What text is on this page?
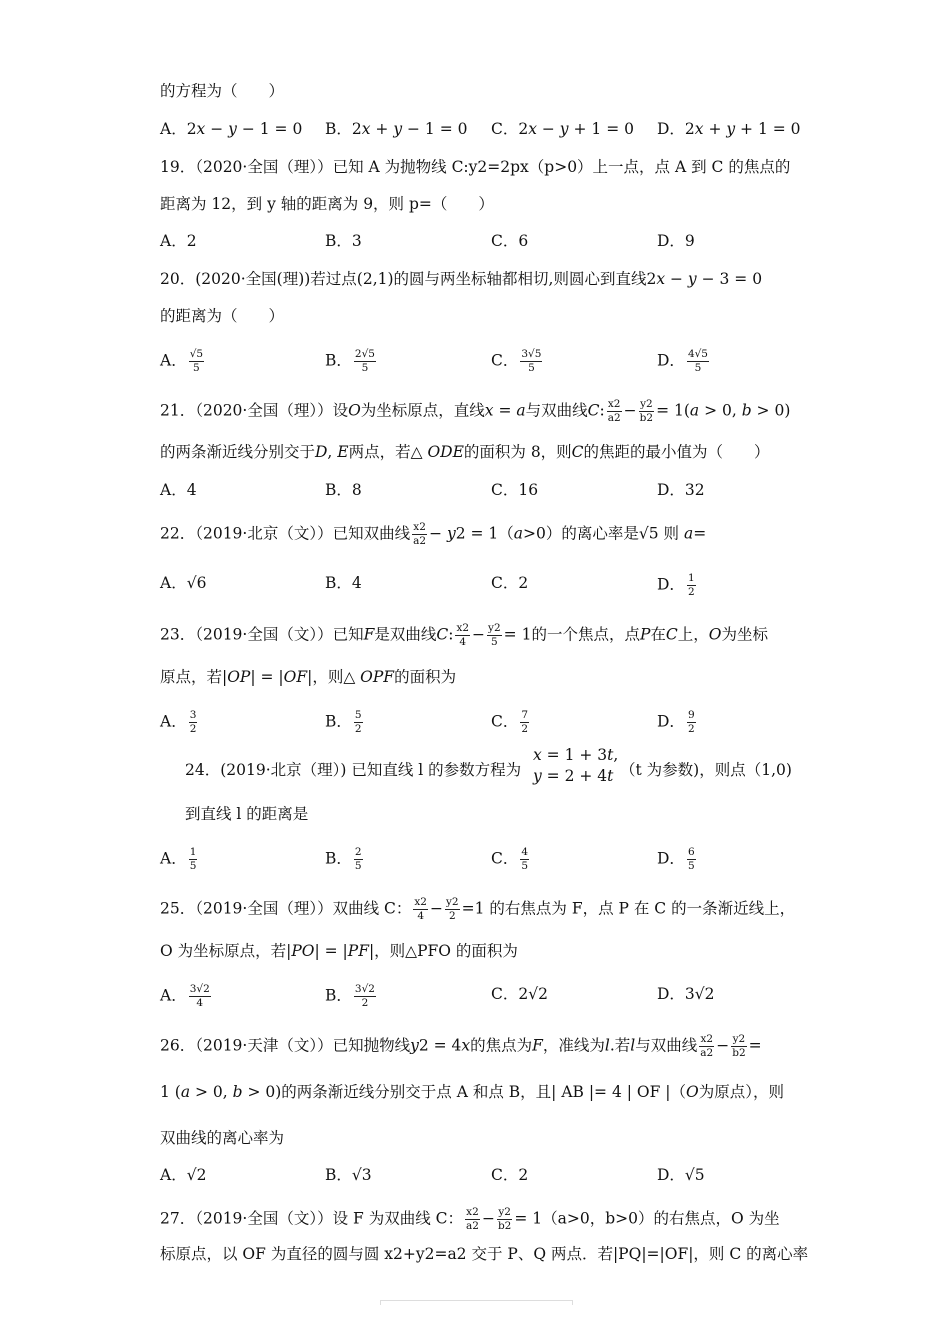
的方程为（　　）
A．2𝑥 − 𝑦 − 1 = 0 B．2𝑥 + 𝑦 − 1 = 0 C．2𝑥 − 𝑦 + 1 = 0 D．2𝑥 + 𝑦 + 1 = 0
19．（2020·全国（理））已知 A 为抛物线 C:y2=2px（p>0）上一点，点 A 到 C 的焦点的
距离为 12，到 y 轴的距离为 9，则 p=（　　）
A．2	B．3	C．6	D．9
20．(2020·全国(理))若过点(2,1)的圆与两坐标轴都相切,则圆心到直线2𝑥 − 𝑦 − 3 = 0
的距离为（　　）
A． $\frac{√5}{5}$	B． $\frac{2√5}{5}$	C． $\frac{3√5}{5}$	D． $\frac{4√5}{5}$
21．（2020·全国（理））设𝑂为坐标原点，直线𝑥 = 𝑎与双曲线𝐶: $\frac{x2}{a2} - \frac{y2}{b2}$ = 1(𝑎 > 0, 𝑏 > 0)
的两条渐近线分别交于𝐷, 𝐸两点，若△ 𝑂𝐷𝐸的面积为 8，则𝐶的焦距的最小值为（　　）
A．4	B．8	C．16	D．32
22．（2019·北京（文））已知双曲线 $\frac{x2}{a2}$ − 𝑦2 = 1（𝑎>0）的离心率是√5 则 𝑎=
A．√6	B．4	C．2	D． $\frac{1}{2}$
23．（2019·全国（文））已知𝐹是双曲线𝐶: $\frac{x2}{4} - \frac{y2}{5} = 1$的一个焦点，点𝑃在𝐶上，𝑂为坐标
原点，若|𝑂𝑃| = |𝑂𝐹|，则△ 𝑂𝑃𝐹的面积为
A． $\frac{3}{2}$	B． $\frac{5}{2}$	C． $\frac{7}{2}$	D． $\frac{9}{2}$
24．(2019·北京（理）) 已知直线 l 的参数方程为
𝑥 = 1 + 3𝑡,
𝑦 = 2 + 4𝑡 （t 为参数)，则点（1,0)
到直线 l 的距离是
A． $\frac{1}{5}$	B． $\frac{2}{5}$	C． $\frac{4}{5}$	D． $\frac{6}{5}$
25．（2019·全国（理））双曲线 C： $\frac{x2}{4} - \frac{y2}{2} =1$ 的右焦点为 F，点 P 在 C 的一条渐近线上，
O 为坐标原点，若|𝑃𝑂| = |𝑃𝐹|，则△PFO 的面积为
A． $\frac{3√2}{4}$	B． $\frac{3√2}{2}$	C．2√2	D．3√2
26．（2019·天津（文））已知抛物线𝑦2 = 4𝑥的焦点为𝐹，准线为𝑙.若𝑙与双曲线 $\frac{x2}{a2} - \frac{y2}{b2}$ =
1 (𝑎 > 0, 𝑏 > 0)的两条渐近线分别交于点 A 和点 B，且| AB |= 4 | OF |（𝑂为原点），则
双曲线的离心率为
A．√2	B．√3	C．2	D．√5
27．（2019·全国（文））设 F 为双曲线 C： $\frac{x2}{a2} - \frac{y2}{b2} = 1(a>0$，b>0）的右焦点，O 为坐
标原点，以 OF 为直径的圆与圆 x2+y2=a2 交于 P、Q 两点．若|PQ|=|OF|，则 C 的离心率
